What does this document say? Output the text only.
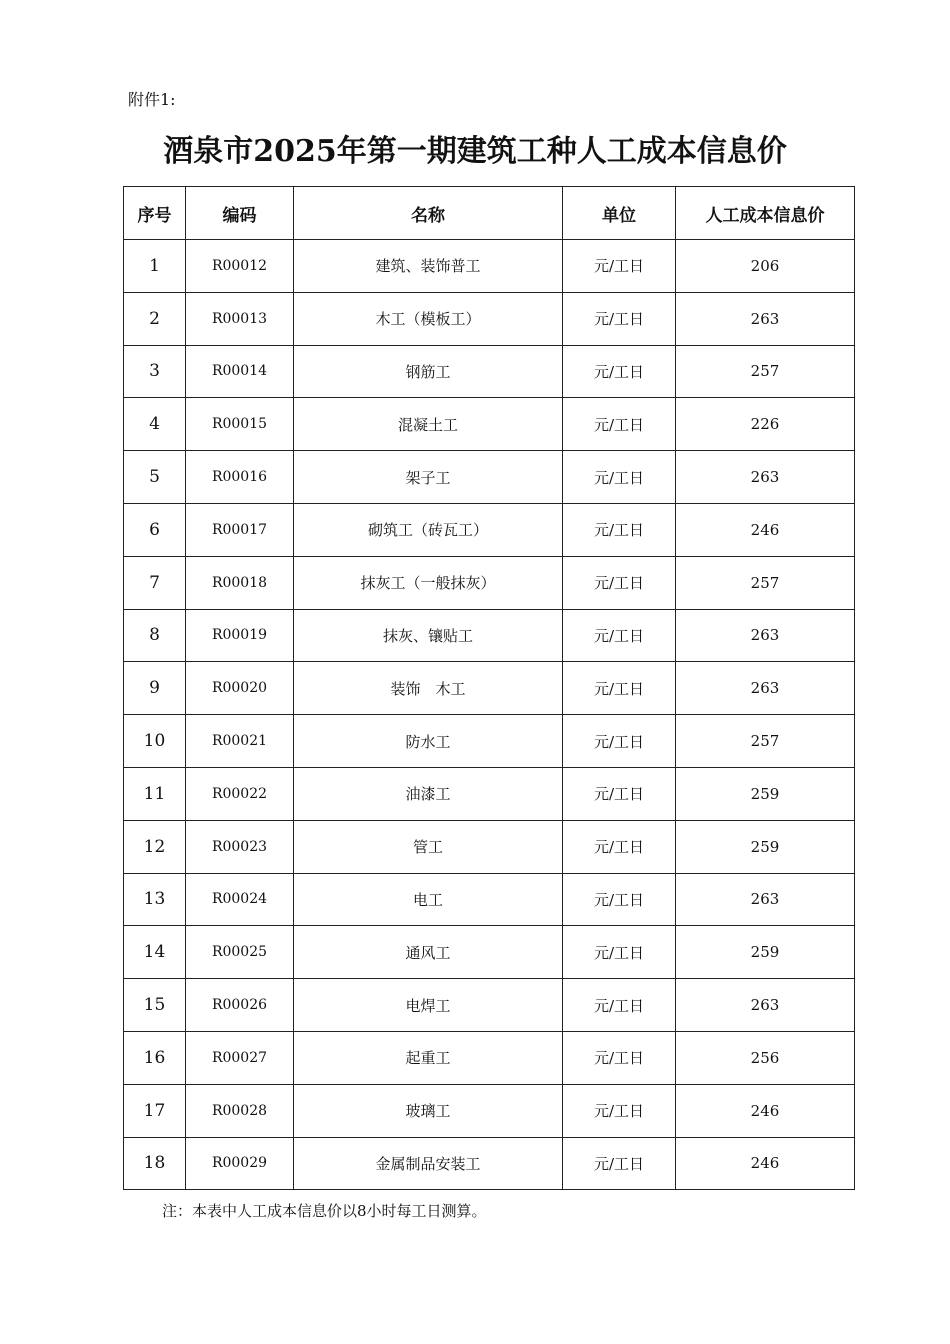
附件1:
酒泉市2025年第一期建筑工种人工成本信息价
序号	编码	名称	单位	人工成本信息价
1	R00012	建筑、装饰普工	元/工日	206
2	R00013	木工（模板工）	元/工日	263
3	R00014	钢筋工	元/工日	257
4	R00015	混凝土工	元/工日	226
5	R00016	架子工	元/工日	263
6	R00017	砌筑工（砖瓦工）	元/工日	246
7	R00018	抹灰工（一般抹灰）	元/工日	257
8	R00019	抹灰、镶贴工	元/工日	263
9	R00020	装饰　木工	元/工日	263
10	R00021	防水工	元/工日	257
11	R00022	油漆工	元/工日	259
12	R00023	管工	元/工日	259
13	R00024	电工	元/工日	263
14	R00025	通风工	元/工日	259
15	R00026	电焊工	元/工日	263
16	R00027	起重工	元/工日	256
17	R00028	玻璃工	元/工日	246
18	R00029	金属制品安装工	元/工日	246
注：本表中人工成本信息价以8小时每工日测算。
